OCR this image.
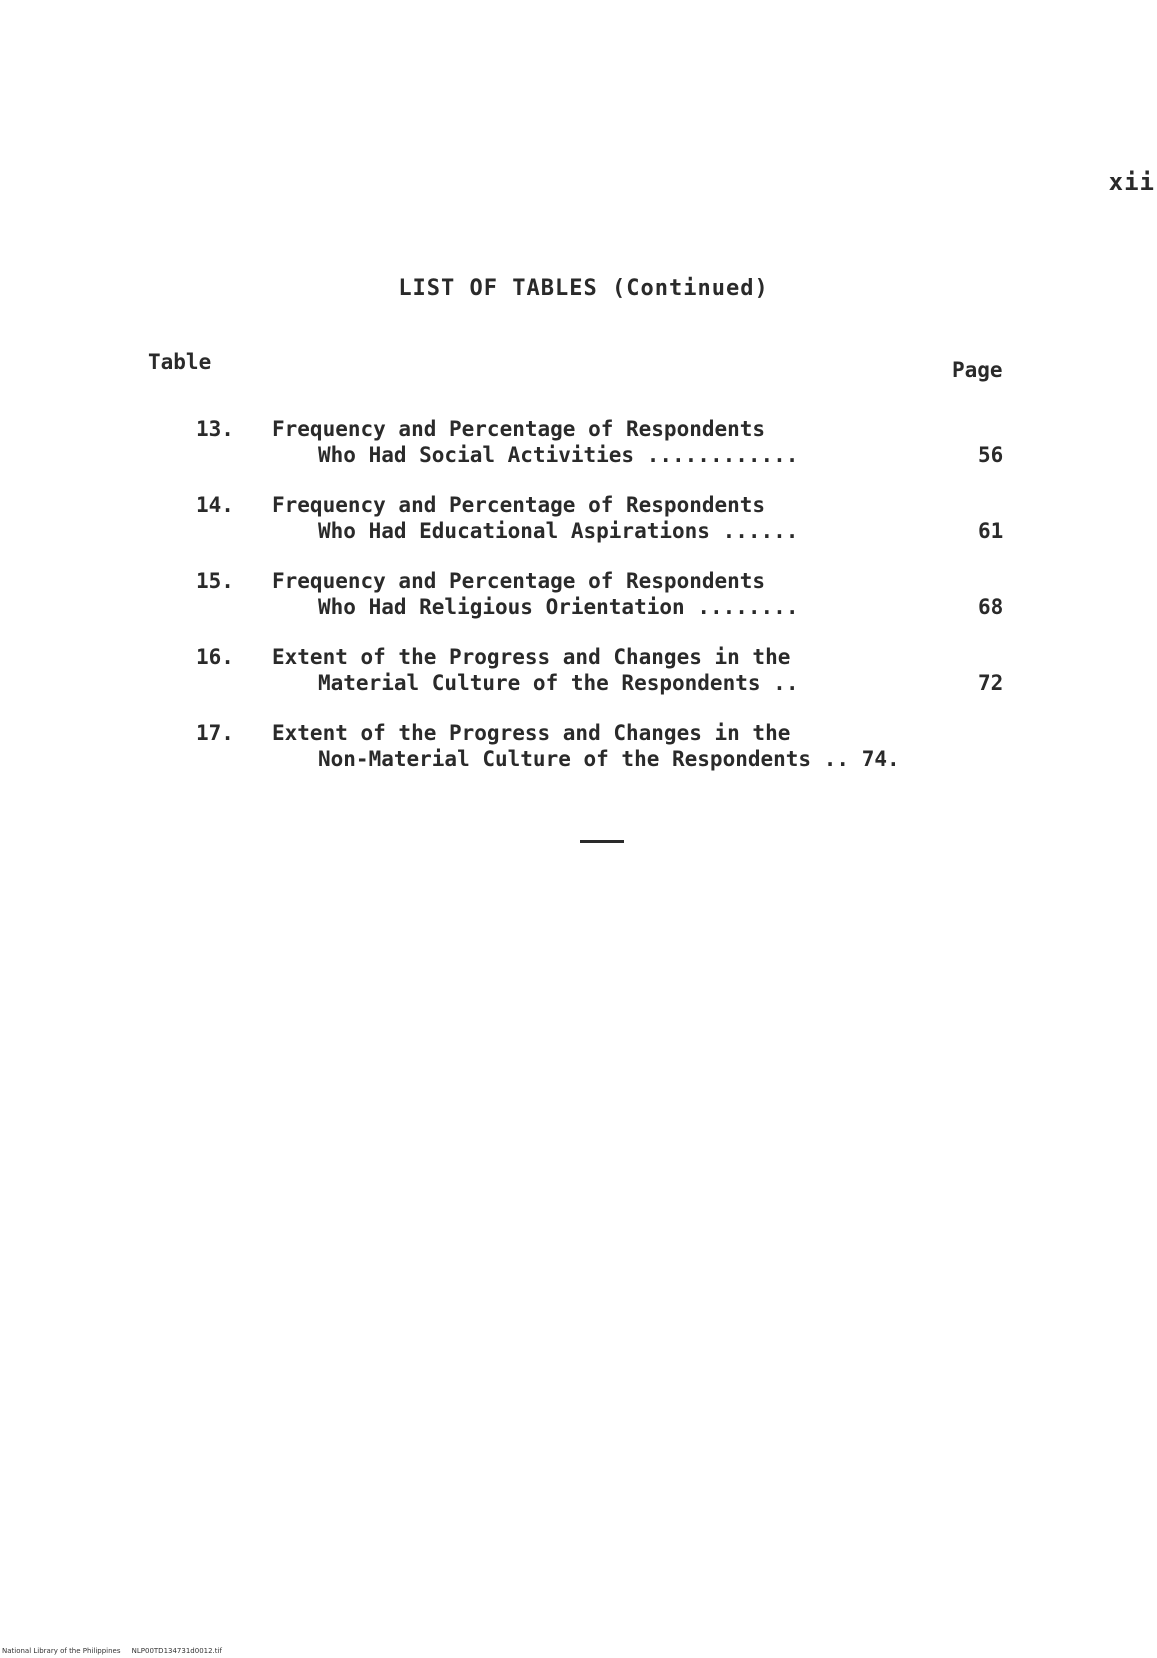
xii
LIST OF TABLES (Continued)
Table	Page
13. Frequency and Percentage of Respondents
Who Had Social Activities ............	56
14. Frequency and Percentage of Respondents
Who Had Educational Aspirations ......	61
15. Frequency and Percentage of Respondents
Who Had Religious Orientation ........	68
16. Extent of the Progress and Changes in the
Material Culture of the Respondents ..	72
17. Extent of the Progress and Changes in the
Non-Material Culture of the Respondents .. 74.
National Library of the Philippines NLP00TD134731d0012.tif
